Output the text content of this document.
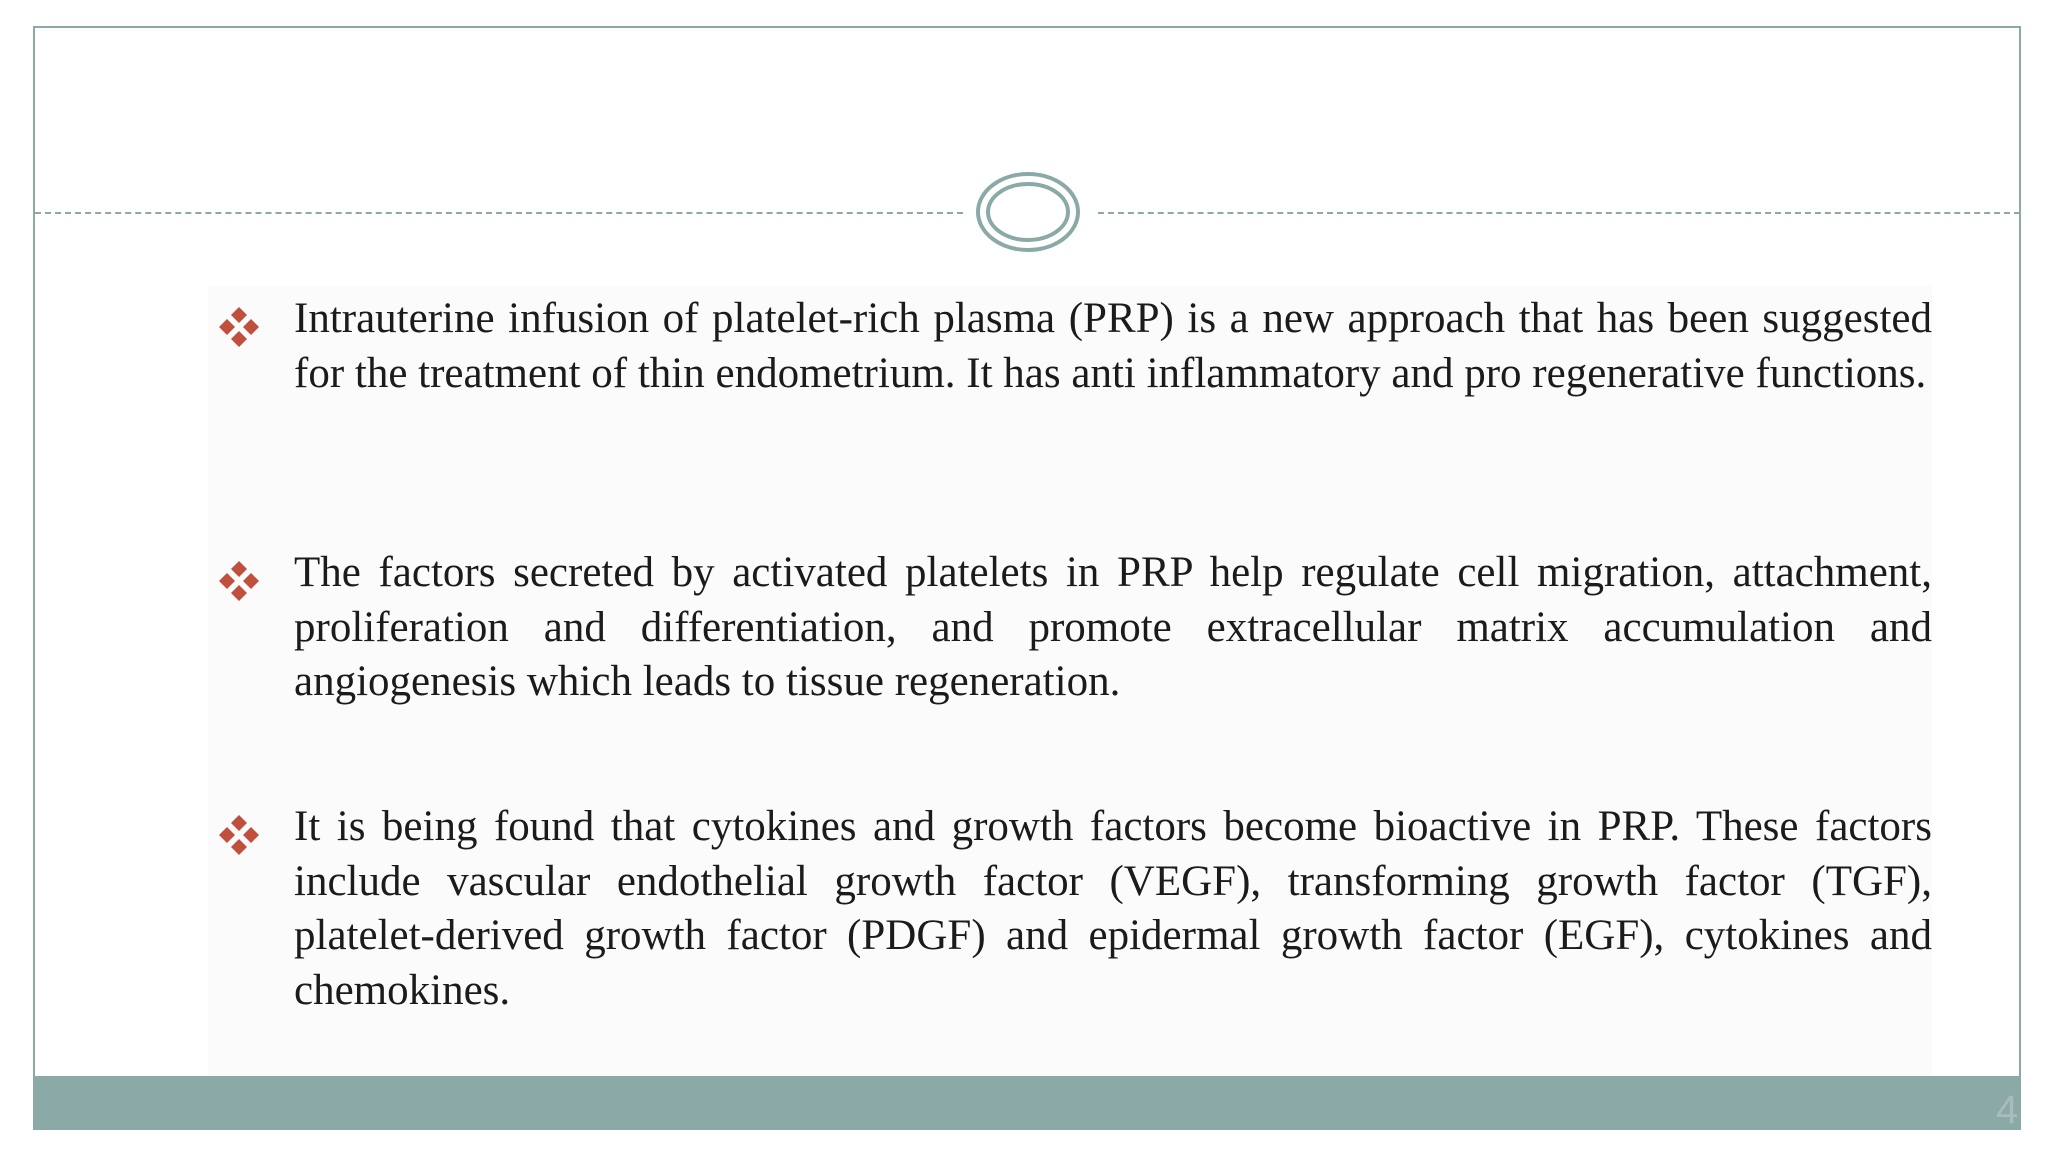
Intrauterine infusion of platelet-rich plasma (PRP) is a new approach that has been suggested for the treatment of thin endometrium. It has anti inflammatory and pro regenerative functions.

The factors secreted by activated platelets in PRP help regulate cell migration, attachment, proliferation and differentiation, and promote extracellular matrix accumulation and angiogenesis which leads to tissue regeneration.

It is being found that cytokines and growth factors become bioactive in PRP. These factors include vascular endothelial growth factor (VEGF), transforming growth factor (TGF), platelet-derived growth factor (PDGF) and epidermal growth factor (EGF), cytokines and chemokines.

4
